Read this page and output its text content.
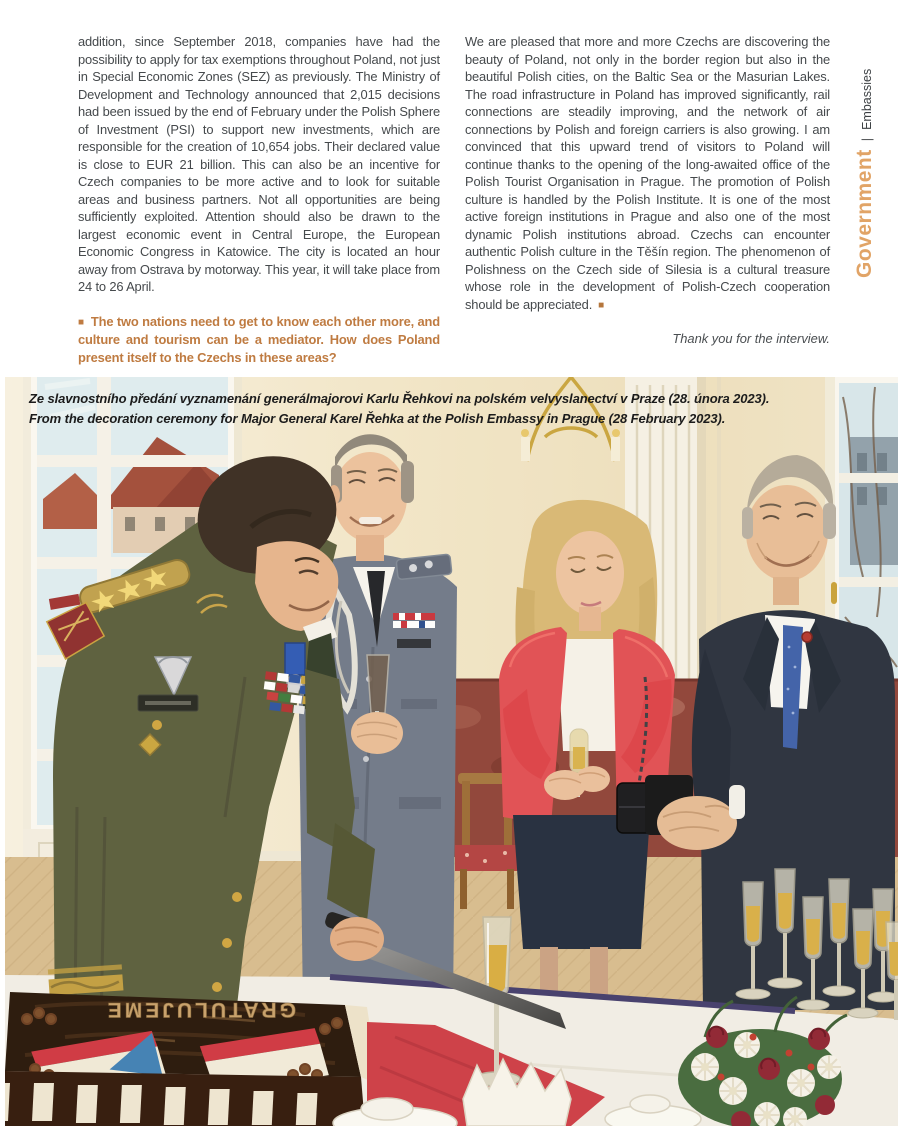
addition, since September 2018, companies have had the possibility to apply for tax exemptions throughout Poland, not just in Special Economic Zones (SEZ) as previously. The Ministry of Development and Technology announced that 2,015 decisions had been issued by the end of February under the Polish Sphere of Investment (PSI) to support new investments, which are responsible for the creation of 10,654 jobs. Their declared value is close to EUR 21 billion. This can also be an incentive for Czech companies to be more active and to look for suitable areas and business partners. Not all opportunities are being sufficiently exploited. Attention should also be drawn to the largest economic event in Central Europe, the European Economic Congress in Katowice. The city is located an hour away from Ostrava by motorway. This year, it will take place from 24 to 26 April.

■ The two nations need to get to know each other more, and culture and tourism can be a mediator. How does Poland present itself to the Czechs in these areas?

We are pleased that more and more Czechs are discovering the beauty of Poland, not only in the border region but also in the beautiful Polish cities, on the Baltic Sea or the Masurian Lakes. The road infrastructure in Poland has improved significantly, rail connections are steadily improving, and the network of air connections by Polish and foreign carriers is also growing. I am convinced that this upward trend of visitors to Poland will continue thanks to the opening of the long-awaited office of the Polish Tourist Organisation in Prague. The promotion of Polish culture is handled by the Polish Institute. It is one of the most active foreign institutions in Prague and also one of the most dynamic Polish institutions abroad. Czechs can encounter authentic Polish culture in the Těšín region. The phenomenon of Polishness on the Czech side of Silesia is a cultural treasure whose role in the development of Polish-Czech cooperation should be appreciated. ■

Thank you for the interview.

Government
|
Embassies
Ze slavnostního předání vyznamenání generálmajorovi Karlu Řehkovi na polském velvyslanectví v Praze (28. února 2023).
From the decoration ceremony for Major General Karel Řehka at the Polish Embassy in Prague (28 February 2023).
GRATULUJEME
